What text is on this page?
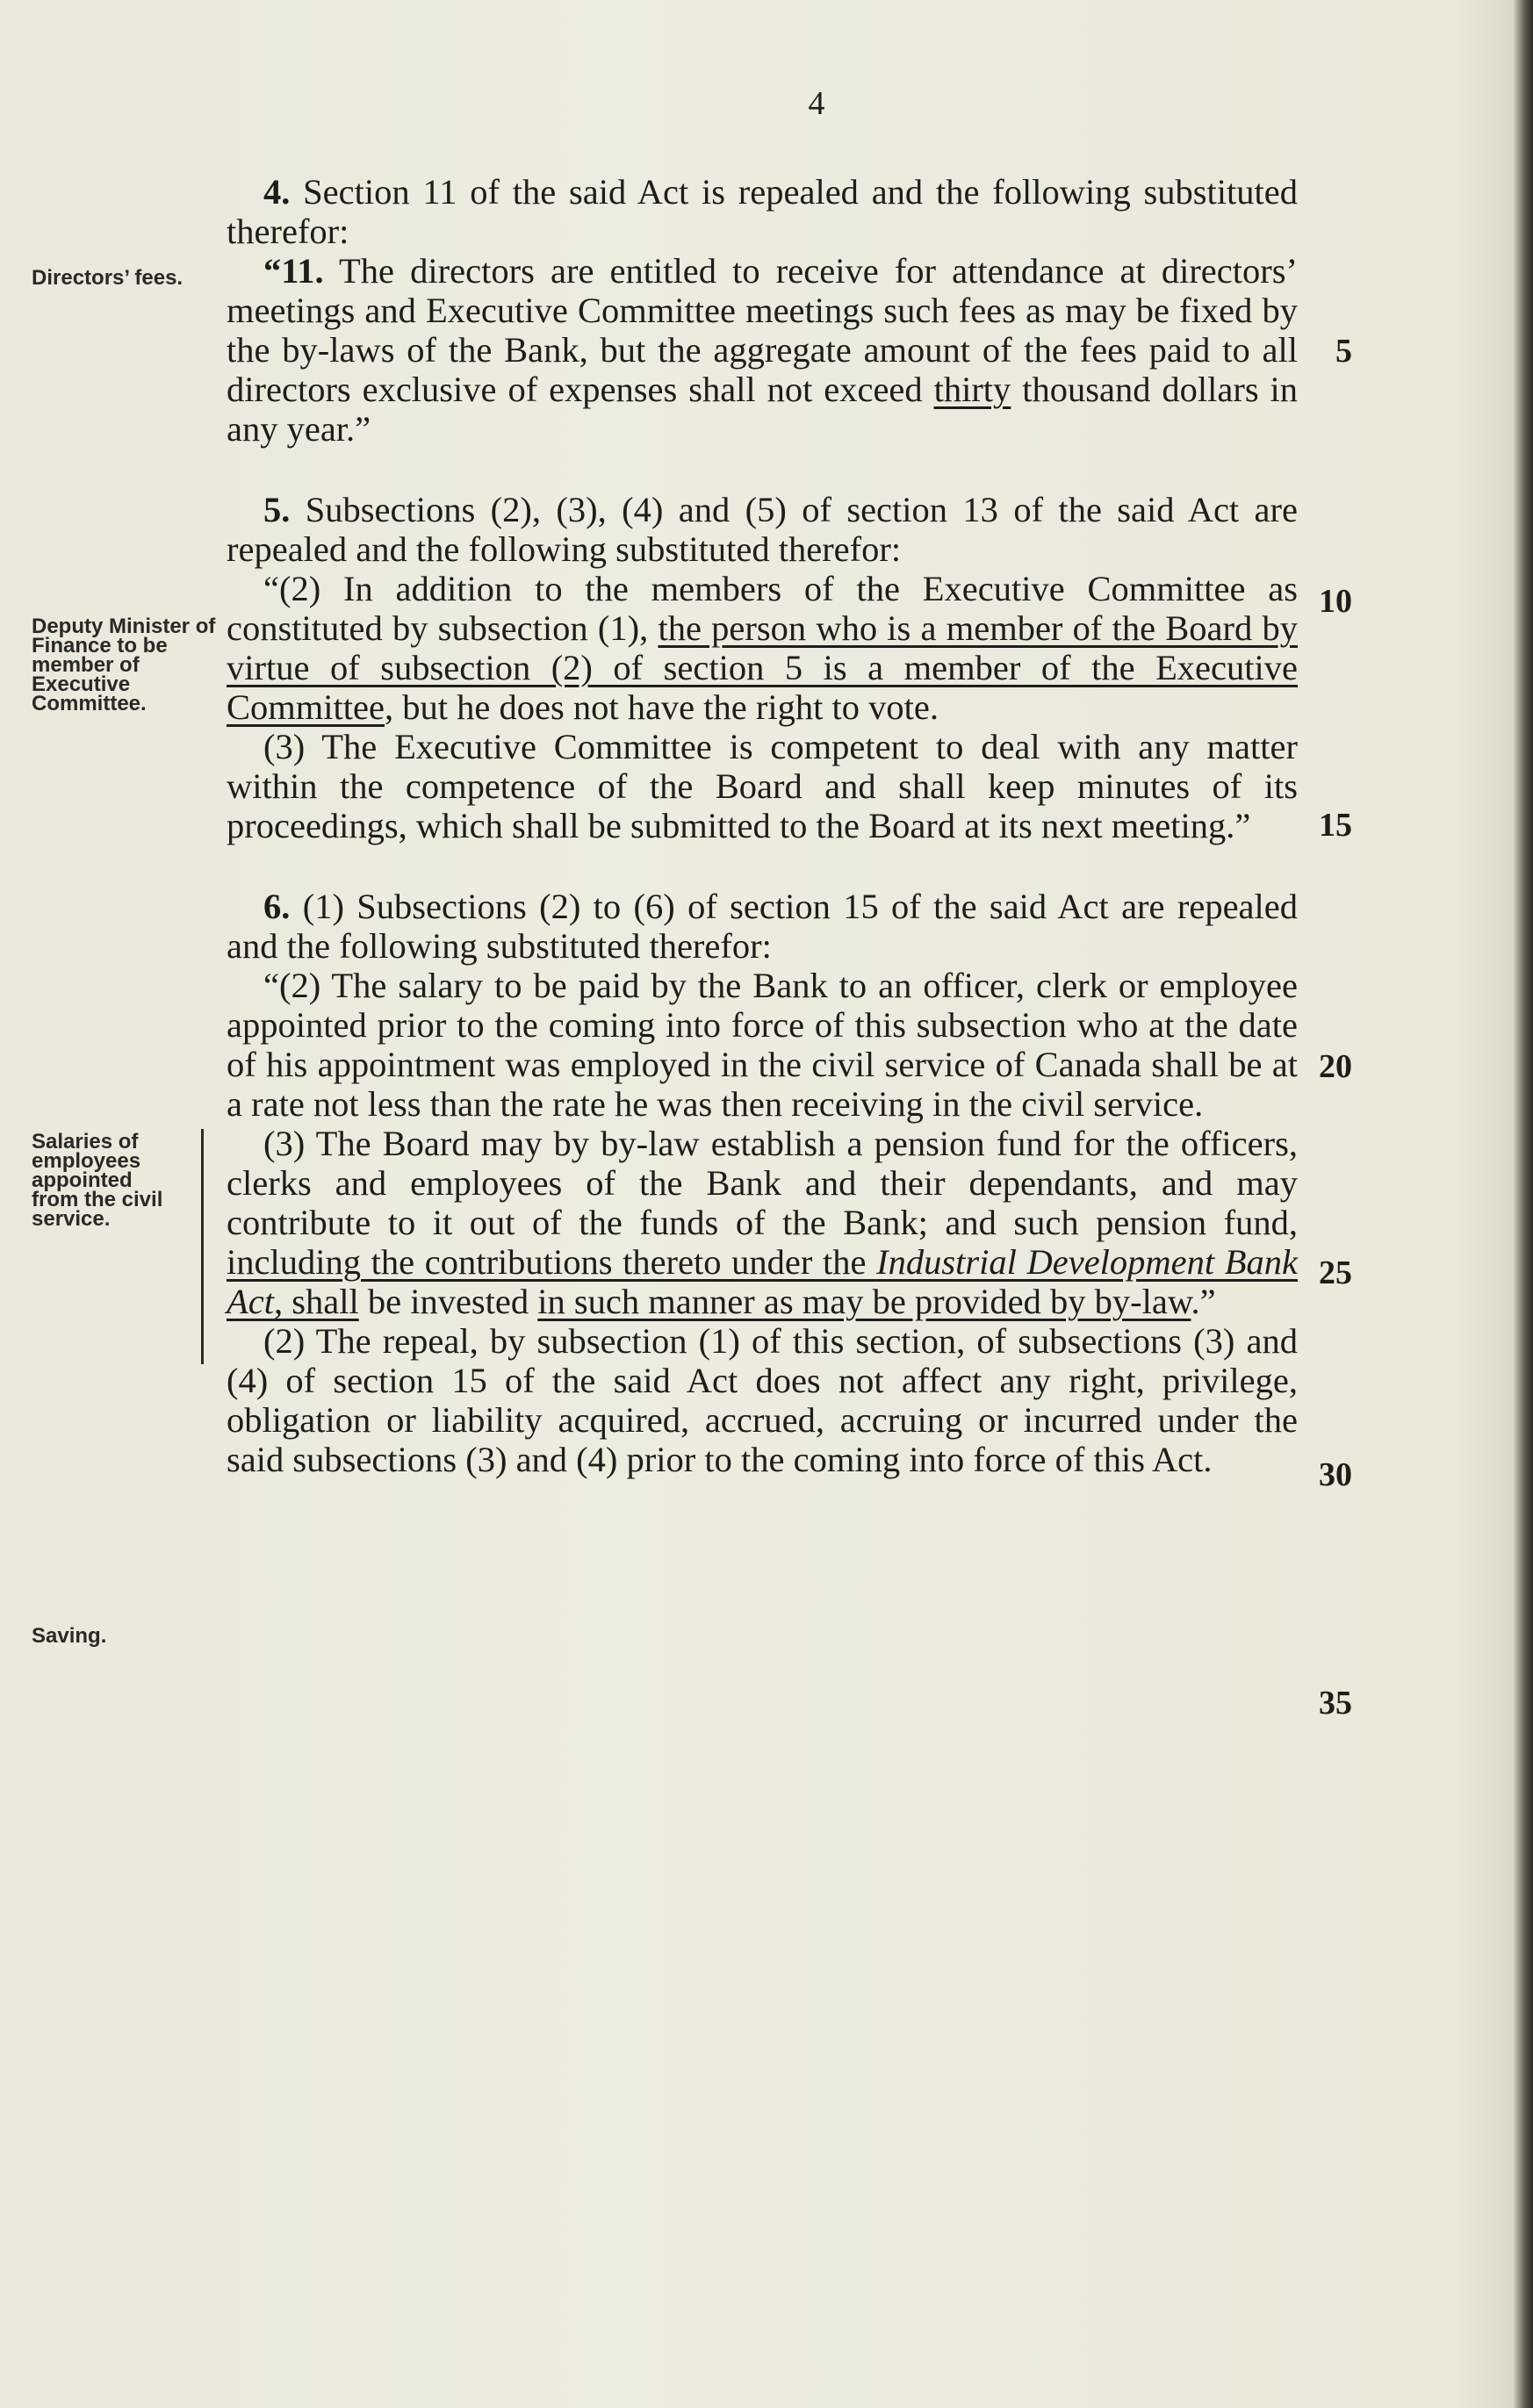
4
Directors’ fees.
Deputy Minister of Finance to be member of Executive Committee.
Salaries of employees appointed from the civil service.
Saving.
5
10
15
20
25
30
35

4. Section 11 of the said Act is repealed and the following substituted therefor:

“11. The directors are entitled to receive for attendance at directors’ meetings and Executive Committee meetings such fees as may be fixed by the by-laws of the Bank, but the aggregate amount of the fees paid to all directors exclusive of expenses shall not exceed thirty thousand dollars in any year.”

5. Subsections (2), (3), (4) and (5) of section 13 of the said Act are repealed and the following substituted therefor:

“(2) In addition to the members of the Executive Committee as constituted by subsection (1), the person who is a member of the Board by virtue of subsection (2) of section 5 is a member of the Executive Committee, but he does not have the right to vote.

(3) The Executive Committee is competent to deal with any matter within the competence of the Board and shall keep minutes of its proceedings, which shall be submitted to the Board at its next meeting.”

6. (1) Subsections (2) to (6) of section 15 of the said Act are repealed and the following substituted therefor:

“(2) The salary to be paid by the Bank to an officer, clerk or employee appointed prior to the coming into force of this subsection who at the date of his appointment was employed in the civil service of Canada shall be at a rate not less than the rate he was then receiving in the civil service.

(3) The Board may by by-law establish a pension fund for the officers, clerks and employees of the Bank and their dependants, and may contribute to it out of the funds of the Bank; and such pension fund, including the contributions thereto under the Industrial Development Bank Act, shall be invested in such manner as may be provided by by-law.”

(2) The repeal, by subsection (1) of this section, of subsections (3) and (4) of section 15 of the said Act does not affect any right, privilege, obligation or liability acquired, accrued, accruing or incurred under the said subsections (3) and (4) prior to the coming into force of this Act.
